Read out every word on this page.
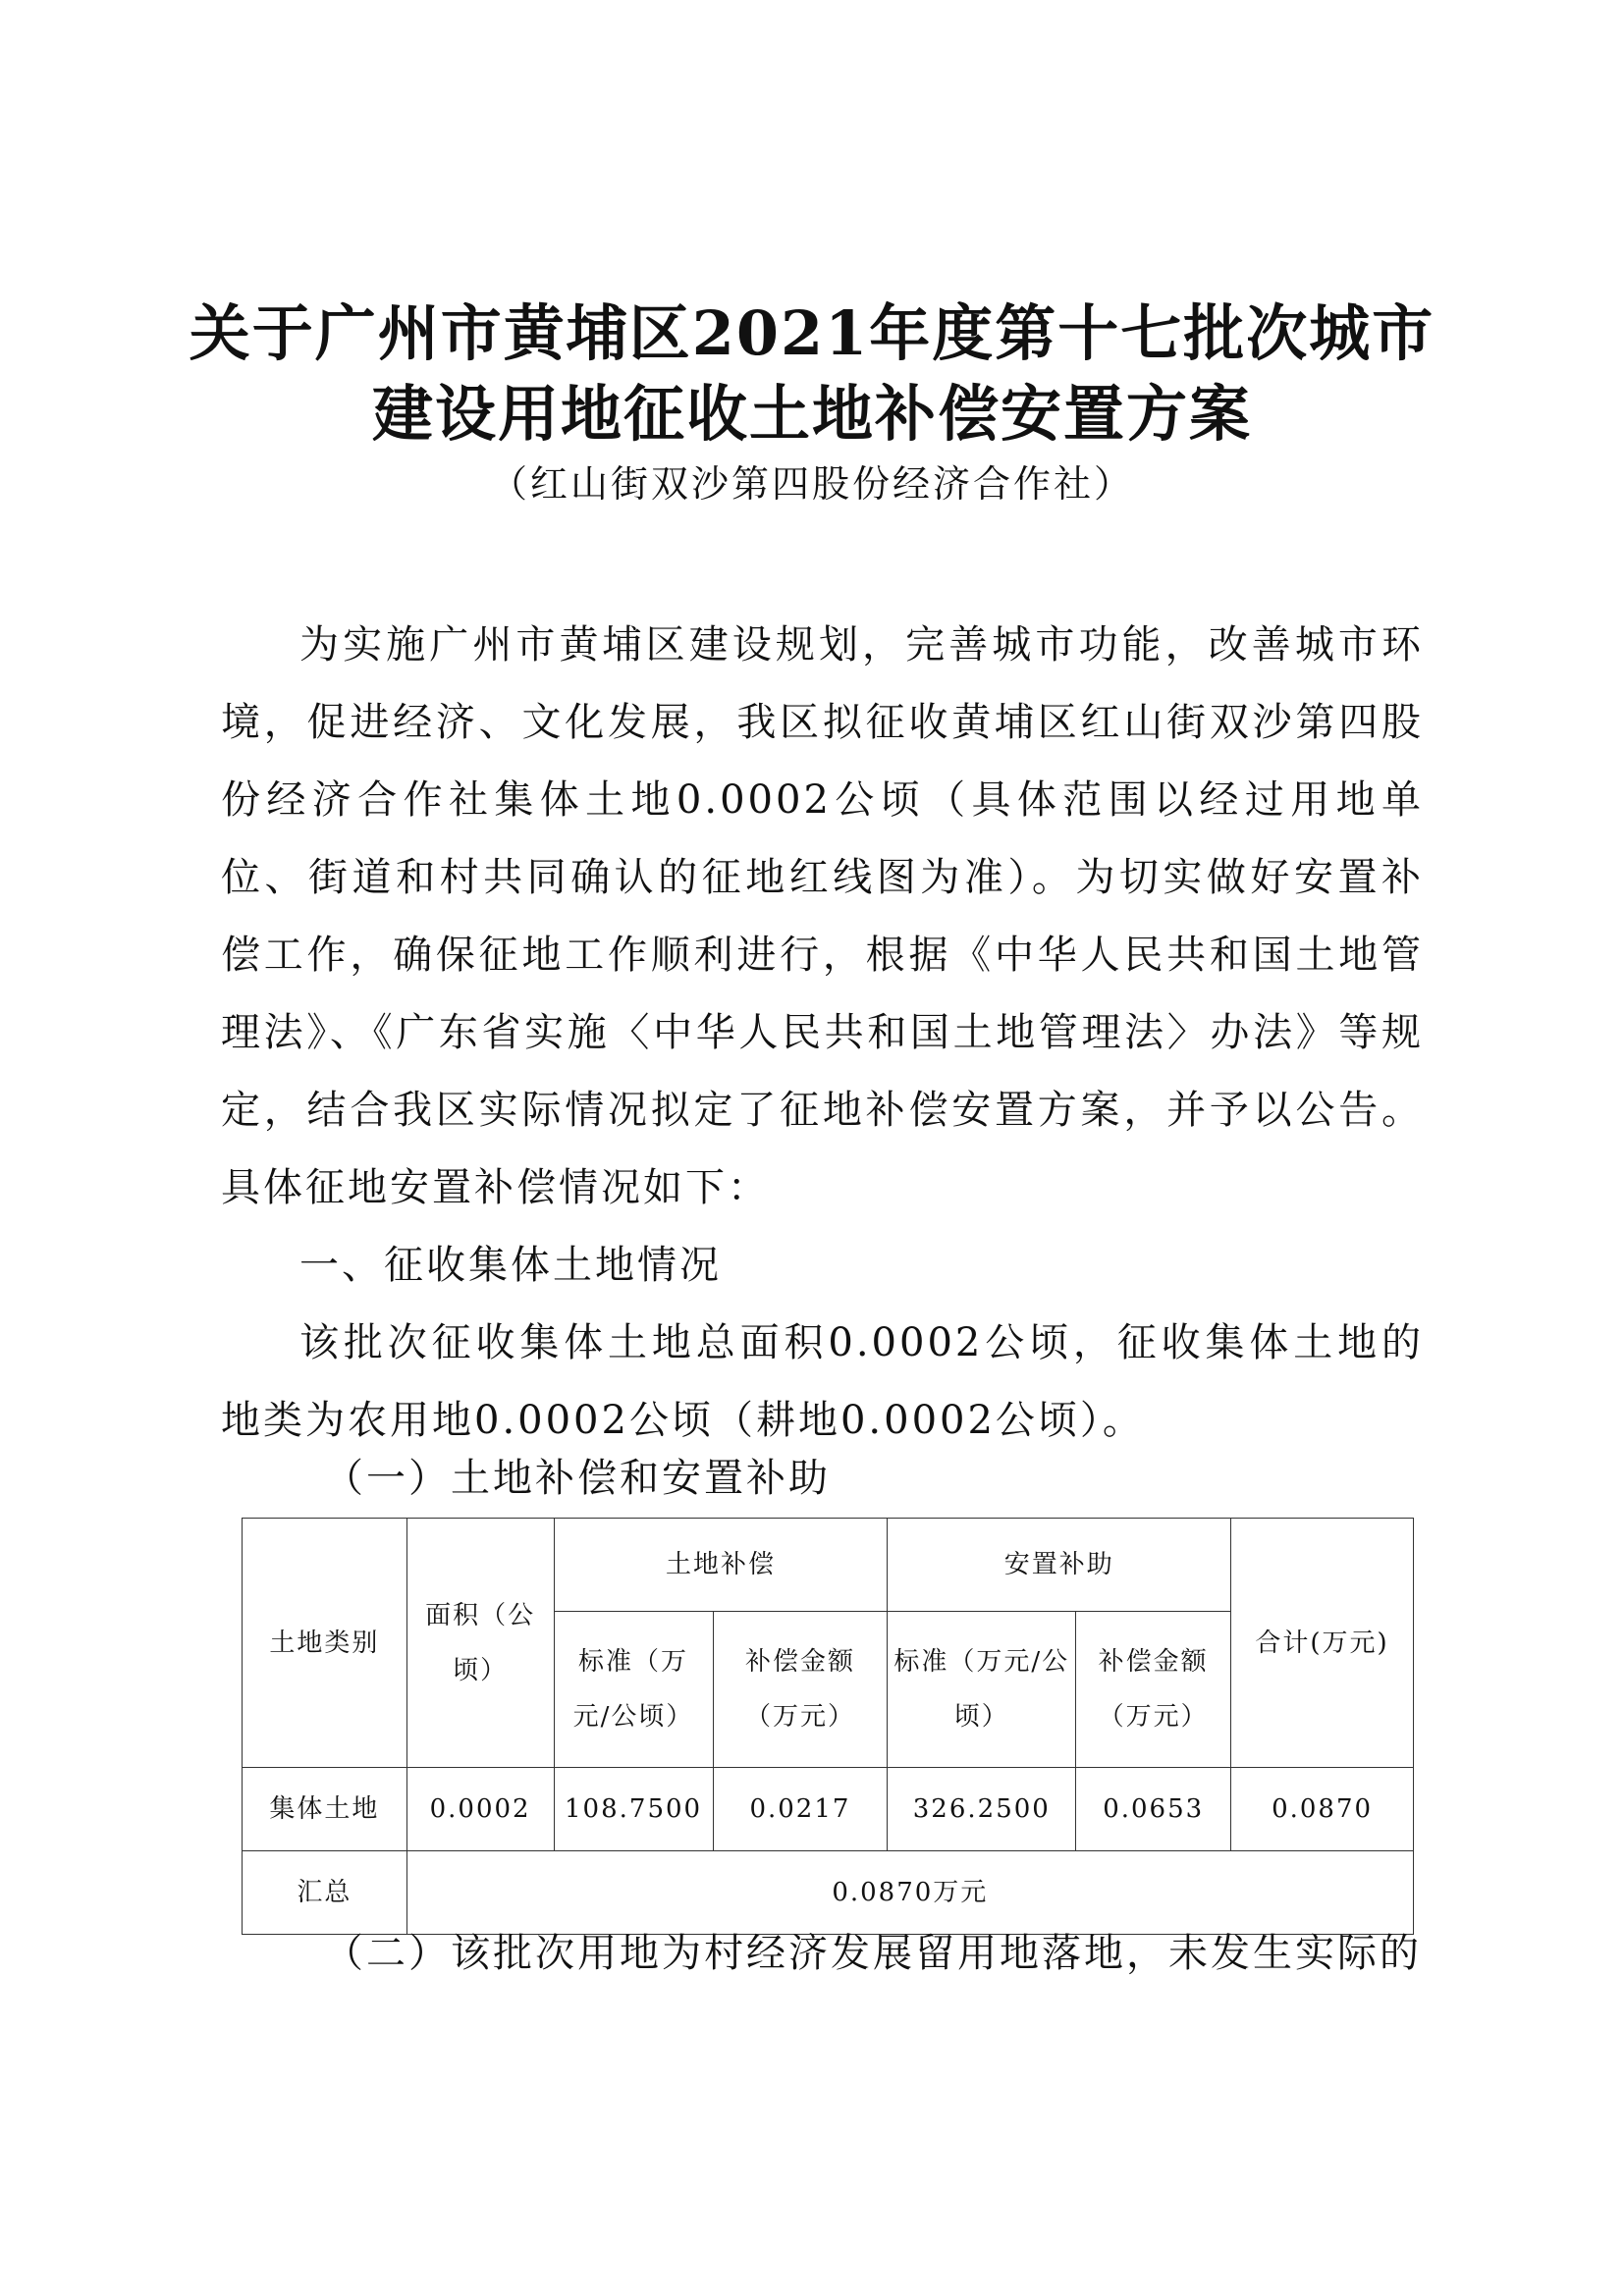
关于广州市黄埔区2021年度第十七批次城市
建设用地征收土地补偿安置方案
（红山街双沙第四股份经济合作社）

为实施广州市黄埔区建设规划，完善城市功能，改善城市环境，促进经济、文化发展，我区拟征收黄埔区红山街双沙第四股份经济合作社集体土地0.0002公顷（具体范围以经过用地单位、街道和村共同确认的征地红线图为准）。为切实做好安置补偿工作，确保征地工作顺利进行，根据《中华人民共和国土地管理法》、《广东省实施〈中华人民共和国土地管理法〉办法》等规定，结合我区实际情况拟定了征地补偿安置方案，并予以公告。具体征地安置补偿情况如下：

一、征收集体土地情况

该批次征收集体土地总面积0.0002公顷，征收集体土地的地类为农用地0.0002公顷（耕地0.0002公顷）。

（一）土地补偿和安置补助
土地类别	面积（公顷）	土地补偿		安置补助		合计(万元)
		标准（万元/公顷）	补偿金额（万元）	标准（万元/公顷）	补偿金额（万元）	
集体土地	0.0002	108.7500	0.0217	326.2500	0.0653	0.0870
汇总	0.0870万元					
（二）该批次用地为村经济发展留用地落地，未发生实际的
